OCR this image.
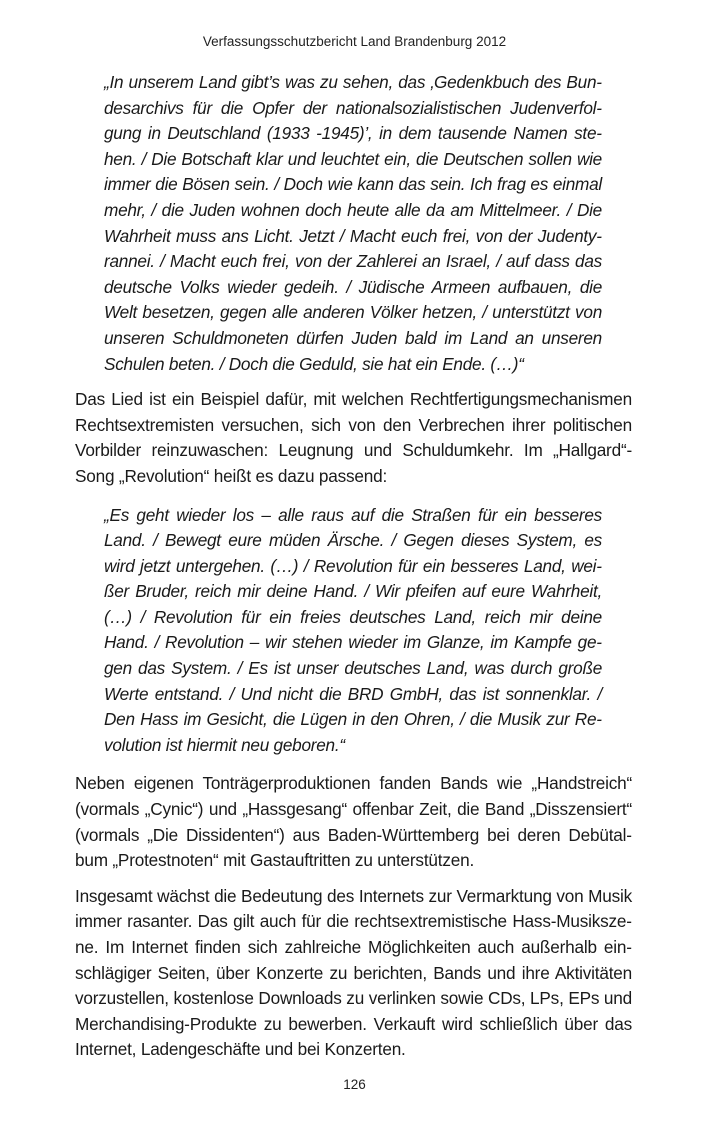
Verfassungsschutzbericht Land Brandenburg 2012

„In unserem Land gibt’s was zu sehen, das ‚Gedenkbuch des Bundesarchivs für die Opfer der nationalsozialistischen Judenverfolgung in Deutschland (1933 -1945)’, in dem tausende Namen stehen. / Die Botschaft klar und leuchtet ein, die Deutschen sollen wie immer die Bösen sein. / Doch wie kann das sein. Ich frag es einmal mehr, / die Juden wohnen doch heute alle da am Mittelmeer. / Die Wahrheit muss ans Licht. Jetzt / Macht euch frei, von der Judentyrannei. / Macht euch frei, von der Zahlerei an Israel, / auf dass das deutsche Volks wieder gedeih. / Jüdische Armeen aufbauen, die Welt besetzen, gegen alle anderen Völker hetzen, / unterstützt von unseren Schuldmoneten dürfen Juden bald im Land an unseren Schulen beten. / Doch die Geduld, sie hat ein Ende. (…)“

Das Lied ist ein Beispiel dafür, mit welchen Rechtfertigungsmechanismen Rechtsextremisten versuchen, sich von den Verbrechen ihrer politischen Vorbilder reinzuwaschen: Leugnung und Schuldumkehr. Im „Hallgard“-Song „Revolution“ heißt es dazu passend:

„Es geht wieder los – alle raus auf die Straßen für ein besseres Land. / Bewegt eure müden Ärsche. / Gegen dieses System, es wird jetzt untergehen. (…) / Revolution für ein besseres Land, weißer Bruder, reich mir deine Hand. / Wir pfeifen auf eure Wahrheit, (…) / Revolution für ein freies deutsches Land, reich mir deine Hand. / Revolution – wir stehen wieder im Glanze, im Kampfe gegen das System. / Es ist unser deutsches Land, was durch große Werte entstand. / Und nicht die BRD GmbH, das ist sonnenklar. / Den Hass im Gesicht, die Lügen in den Ohren, / die Musik zur Revolution ist hiermit neu geboren.“

Neben eigenen Tonträgerproduktionen fanden Bands wie „Handstreich“ (vormals „Cynic“) und „Hassgesang“ offenbar Zeit, die Band „Disszensiert“ (vormals „Die Dissidenten“) aus Baden-Württemberg bei deren Debütalbum „Protestnoten“ mit Gastauftritten zu unterstützen.

Insgesamt wächst die Bedeutung des Internets zur Vermarktung von Musik immer rasanter. Das gilt auch für die rechtsextremistische Hass-Musikszene. Im Internet finden sich zahlreiche Möglichkeiten auch außerhalb einschlägiger Seiten, über Konzerte zu berichten, Bands und ihre Aktivitäten vorzustellen, kostenlose Downloads zu verlinken sowie CDs, LPs, EPs und Merchandising-Produkte zu bewerben. Verkauft wird schließlich über das Internet, Ladengeschäfte und bei Konzerten.

126
